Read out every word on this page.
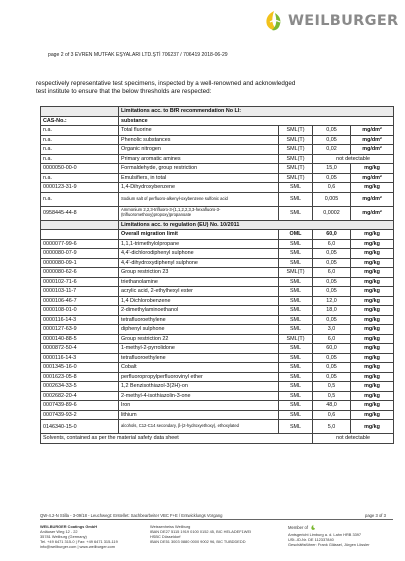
WEILBURGER
page 2 of 3 EVREN MUTFAK EŞYALARI LTD.ŞTİ 706237 / 706419 2018-06-29
respectively representative test specimens, inspected by a well-renowned and acknowledged
test institute to ensure that the below thresholds are respected:
	Limitations acc. to BfR recommendation No LI:			
CAS-No.:	substance			
n.a.	Total fluorine	SML(T)	0,05	mg/dm²
n.a.	Phenolic substances	SML(T)	0,05	mg/dm²
n.a.	Organic nitrogen	SML(T)	0,02	mg/dm²
n.a.	Primary aromatic amines	SML(T)	not detectable	
0000050-00-0	Formaldehyde, group restriction	SML(T)	15,0	mg/kg
n.a.	Emulsifiers, in total	SML(T)	0,05	mg/dm²
0000123-31-9	1,4-Dihydroxybenzene	SML	0,6	mg/kg
n.a.	Sodium salt of perfluoro-alkenyl-oxybenzene sulfonic acid	SML	0,005	mg/dm²
0958445-44-8	Ammonium 2,2,3-trifluoro-3-(1,1,2,2,3,3-hexafluoro-3-(trifluoromethoxy)propoxy)propanoate	SML	0,0002	mg/dm²
	Limitations acc. to regulation (EU) No. 10/2011			
	Overall migration limit	OML	60,0	mg/kg
0000077-99-6	1,1,1-trimethylolpropane	SML	6,0	mg/kg
0000080-07-9	4,4'-dichlorodiphenyl sulphone	SML	0,05	mg/kg
0000080-09-1	4,4'-dihydroxydiphenyl sulphone	SML	0,05	mg/kg
0000080-62-6	Group restriction 23	SML(T)	6,0	mg/kg
0000102-71-6	triethanolamine	SML	0,05	mg/kg
0000103-11-7	acrylic acid, 2-ethylhexyl ester	SML	0,05	mg/kg
0000106-46-7	1,4 Dichlorobenzene	SML	12,0	mg/kg
0000108-01-0	2-dimethylaminoethanol	SML	18,0	mg/kg
0000116-14-3	tetrafluoroethylene	SML	0,05	mg/kg
0000127-63-9	diphenyl sulphone	SML	3,0	mg/kg
0000140-88-5	Group restriction 22	SML(T)	6,0	mg/kg
0000872-50-4	1-methyl-2-pyrrolidone	SML	60,0	mg/kg
0000116-14-3	tetrafluoroethylene	SML	0,05	mg/kg
0001345-16-0	Cobalt	SML	0,05	mg/kg
0001623-05-8	perfluoropropylperfluorovinyl ether	SML	0,05	mg/kg
0002634-33-5	1,2 Benzisothiazol-3(2H)-on	SML	0,5	mg/kg
0002682-20-4	2-methyl-4-isothiazolin-3-one	SML	0,5	mg/kg
0007439-89-6	Iron	SML	48,0	mg/kg
0007439-93-2	lithium	SML	0,6	mg/kg
0146340-15-0	alcohols, C12-C14 secondary, β-(2-hydroxyethoxy), ethoxylated	SML	5,0	mg/kg
Solvents, contained as per the material safety data sheet			not detectable	
QW-4.2-N Stilla - 3-09/18 - Leuchwegt: Erstellet: Sachbearbeiter VBC F+E / Entwicklungs Vorgang	page 3 of 3
WEILBURGER Coatings GmbH
Anläuser Weg 12 - 22
35781 Weilburg (Germany)
Tel. +49 6471 315-0 | Fax: +49 6471 315-119
info@weilburger.com | www.weilburger.com
Weissenheiss Weilburg
IBAN DE27 5115 1919 0100 0152 45, BIC HELADEF1WEI
HSBC Düsseldorf
IBAN DE51 3003 0880 0000 9002 96, BIC TUBDDEDD
Amtsgericht Limburg a. d. Lahn HRB 3397
USt.-ID-Nr. DE 112337840
Geschäftsführer: Frank Glässel, Jürgen Lössler
Member of
